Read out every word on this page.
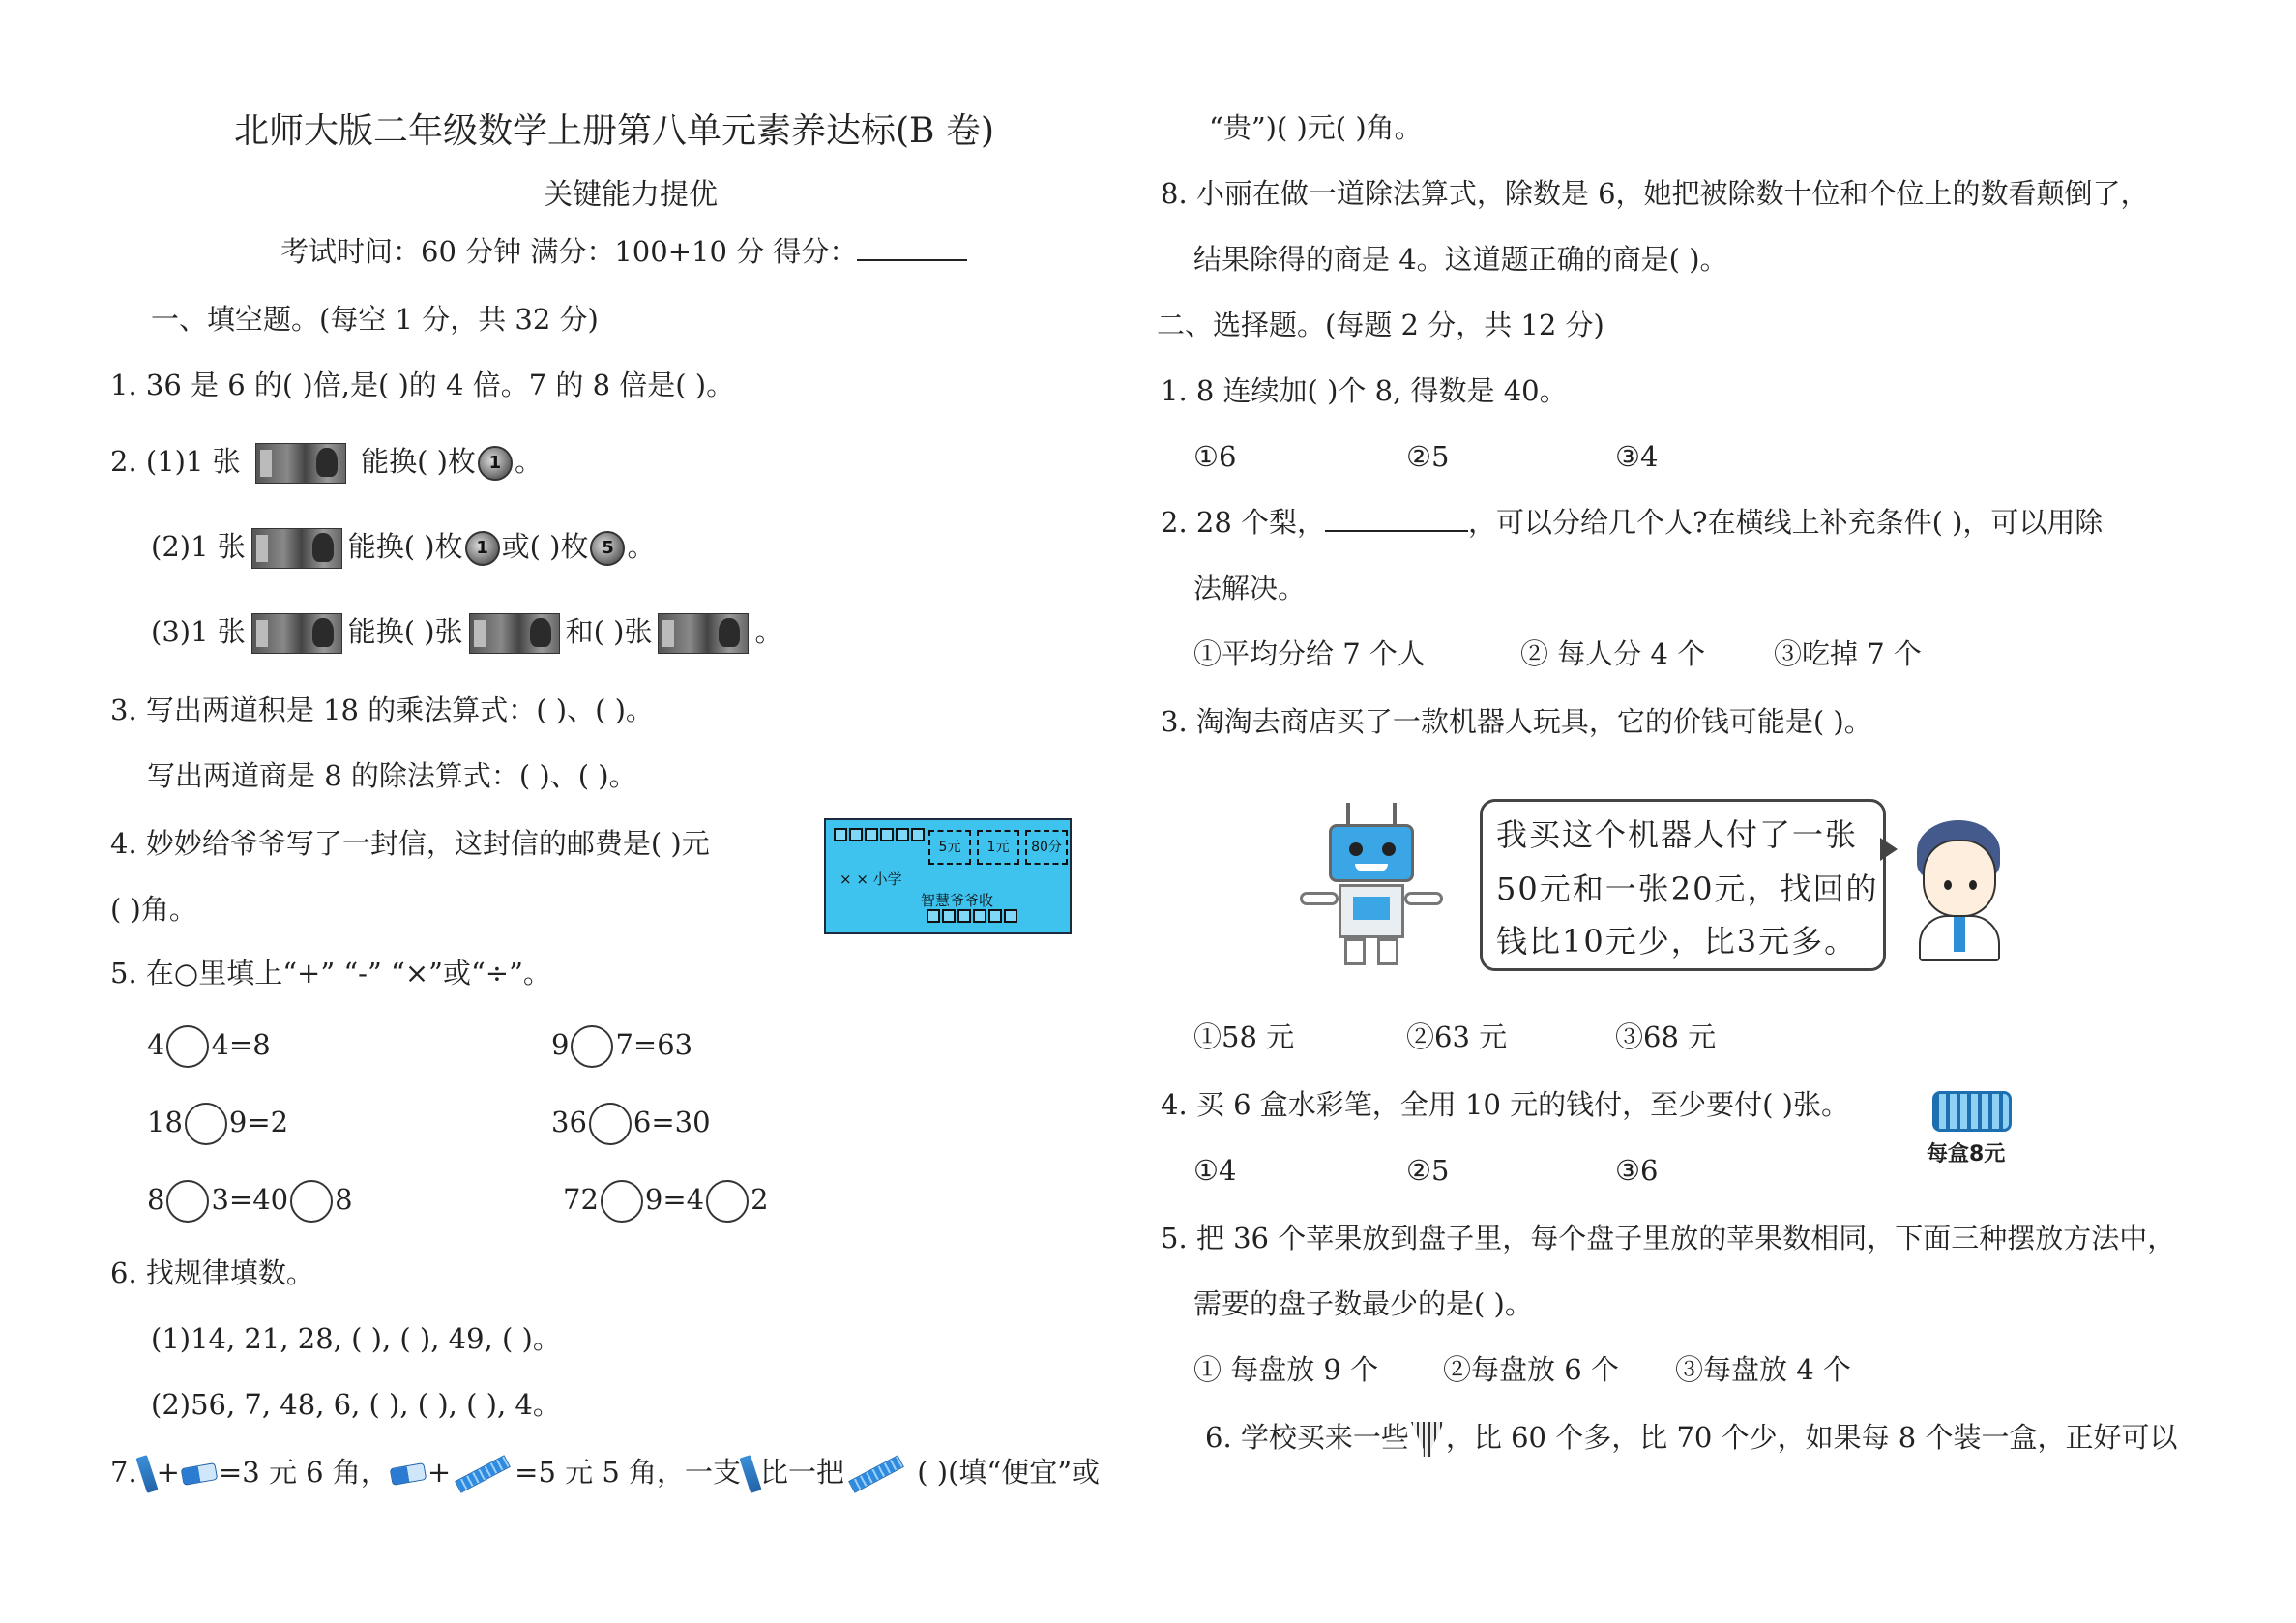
北师大版二年级数学上册第八单元素养达标(B 卷)
关键能力提优
考试时间：60 分钟 满分：100+10 分 得分：
一、填空题。(每空 1 分，共 32 分)
1. 36 是 6 的( )倍,是( )的 4 倍。7 的 8 倍是( )。
2. (1)1 张	能换( )枚 1 。
(2)1 张	能换( )枚 1 或( )枚 5 。
(3)1 张	能换( )张	和( )张	。
3. 写出两道积是 18 的乘法算式：( )、( )。
写出两道商是 8 的除法算式：( )、( )。
4. 妙妙给爷爷写了一封信，这封信的邮费是( )元
( )角。
5元	1元	80分
× × 小学
智慧爷爷收
5. 在○里填上“+” “-” “×”或“÷”。
4 4=8	9 7=63
18 9=2	36 6=30
8 3=40 8	72 9=4 2
6. 找规律填数。
(1)14, 21, 28, ( ), ( ), 49, ( )。
(2)56, 7, 48, 6, ( ), ( ), ( ), 4。
7. + =3 元 6 角， + =5 元 5 角，一支 比一把 ( )(填“便宜”或
“贵”)( )元( )角。
8. 小丽在做一道除法算式，除数是 6，她把被除数十位和个位上的数看颠倒了，
结果除得的商是 4。这道题正确的商是( )。
二、选择题。(每题 2 分，共 12 分)
1. 8 连续加( )个 8, 得数是 40。
①6	②5	③4
2. 28 个梨，	，可以分给几个人?在横线上补充条件( )，可以用除
法解决。
①平均分给 7 个人	② 每人分 4 个 ③吃掉 7 个
3. 淘淘去商店买了一款机器人玩具，它的价钱可能是( )。
我买这个机器人付了一张
50元和一张20元，找回的
钱比10元少，比3元多。
①58 元	②63 元	③68 元
4. 买 6 盒水彩笔，全用 10 元的钱付，至少要付( )张。
每盒8元
①4	②5	③6
5. 把 36 个苹果放到盘子里，每个盘子里放的苹果数相同，下面三种摆放方法中，
需要的盘子数最少的是( )。
① 每盘放 9 个 ②每盘放 6 个 ③每盘放 4 个
6. 学校买来一些 ，比 60 个多，比 70 个少，如果每 8 个装一盒，正好可以
